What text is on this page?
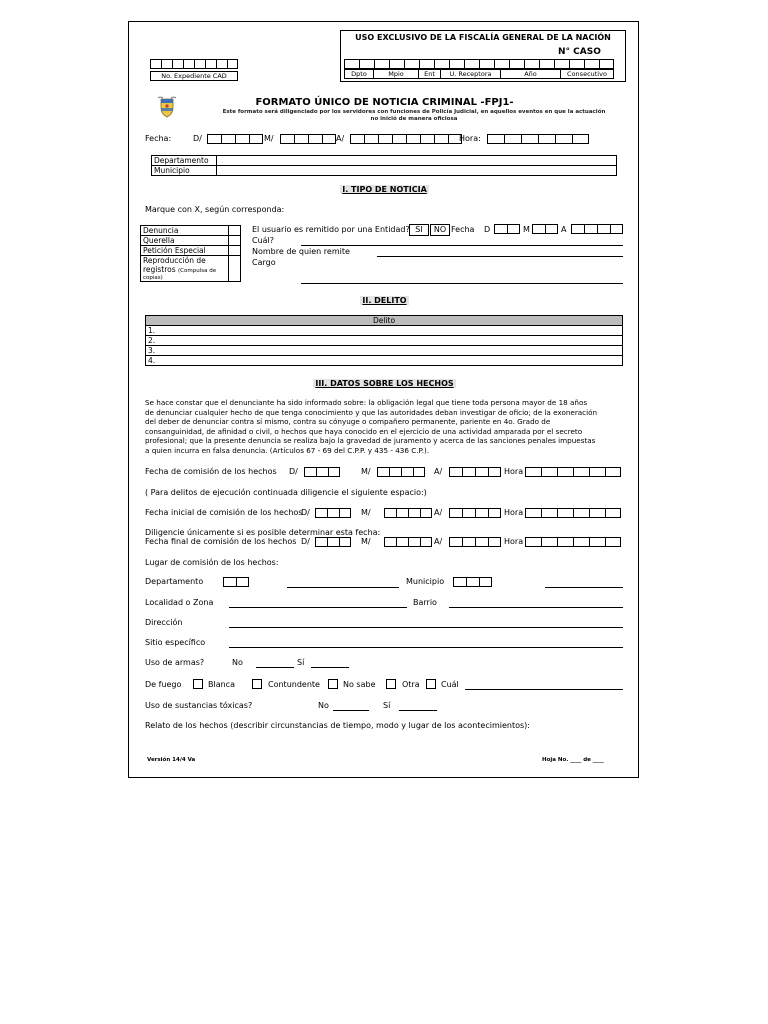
USO EXCLUSIVO DE LA FISCALÍA GENERAL DE LA NACIÓN
N° CASO
Dpto	Mpio	Ent	U. Receptora	Año	Consecutivo
No. Expediente CAD
FORMATO ÚNICO DE NOTICIA CRIMINAL -FPJ1-
Este formato será diligenciado por los servidores con funciones de Policía Judicial, en aquellos eventos en que la actuación
no inició de manera oficiosa
Fecha:	D/	M/	A/	Hora:
Departamento	
Municipio	
I. TIPO DE NOTICIA
Marque con X, según corresponda:
Denuncia	
Querella	
Petición Especial	

Reproducción de
registros (Compulsa de
copias)	

El usuario es remitido por una Entidad? SI	NO Fecha D	M	A
Cuál?
Nombre de quien remite
Cargo
II. DELITO
Delito
1.
2.
3.
4.
III. DATOS SOBRE LOS HECHOS
Se hace constar que el denunciante ha sido informado sobre: la obligación legal que tiene toda persona mayor de 18 años
de denunciar cualquier hecho de que tenga conocimiento y que las autoridades deban investigar de oficio; de la exoneración
del deber de denunciar contra sí mismo, contra su cónyuge o compañero permanente, pariente en 4o. Grado de
consanguinidad, de afinidad o civil, o hechos que haya conocido en el ejercicio de una actividad amparada por el secreto
profesional; que la presente denuncia se realiza bajo la gravedad de juramento y acerca de las sanciones penales impuestas
a quien incurra en falsa denuncia. (Artículos 67 - 69 del C.P.P. y 435 - 436 C.P.).
Fecha de comisión de los hechos D/	M/	A/	Hora
( Para delitos de ejecución continuada diligencie el siguiente espacio:)
Fecha inicial de comisión de los hechos
D/	M/	A/	Hora
Diligencie únicamente si es posible determinar esta fecha:
Fecha final de comisión de los hechos D/	M/	A/	Hora
Lugar de comisión de los hechos:
Departamento	Municipio
Localidad o Zona	Barrio
Dirección
Sitio específico
Uso de armas?	No	Sí
De fuego	Blanca	Contundente	No sabe	Otra	Cuál
Uso de sustancias tóxicas?	No	Sí
Relato de los hechos (describir circunstancias de tiempo, modo y lugar de los acontecimientos):
Versión 14/4 Va	Hoja No. ____ de ____
